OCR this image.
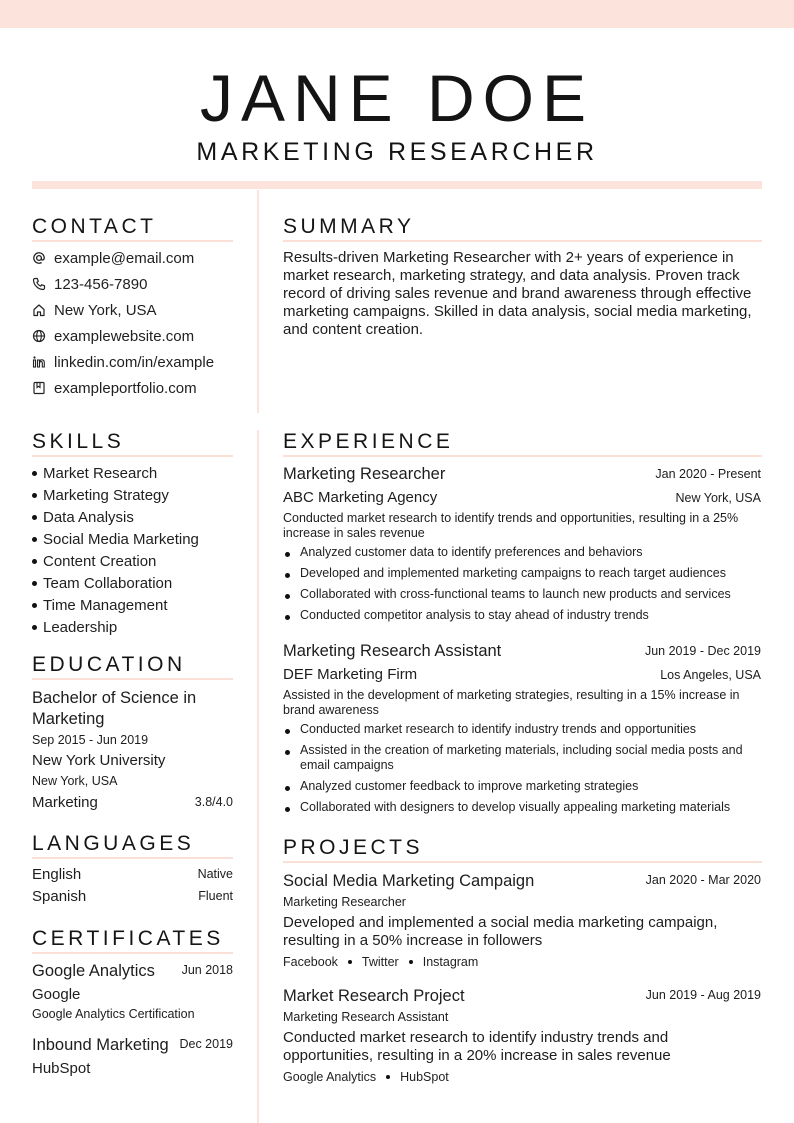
JANE DOE
MARKETING RESEARCHER
CONTACT
example@email.com
123-456-7890
New York, USA
examplewebsite.com
linkedin.com/in/example
exampleportfolio.com
SKILLS
Market Research
Marketing Strategy
Data Analysis
Social Media Marketing
Content Creation
Team Collaboration
Time Management
Leadership
EDUCATION
Bachelor of Science in Marketing
Sep 2015 - Jun 2019
New York University
New York, USA
Marketing	3.8/4.0
LANGUAGES
English	Native
Spanish	Fluent
CERTIFICATES
Google Analytics	Jun 2018
Google
Google Analytics Certification
Inbound Marketing Dec 2019
HubSpot
SUMMARY
Results-driven Marketing Researcher with 2+ years of experience in market research, marketing strategy, and data analysis. Proven track record of driving sales revenue and brand awareness through effective marketing campaigns. Skilled in data analysis, social media marketing, and content creation.
EXPERIENCE
Marketing Researcher	Jan 2020 - Present
ABC Marketing Agency	New York, USA
Conducted market research to identify trends and opportunities, resulting in a 25% increase in sales revenue
Analyzed customer data to identify preferences and behaviors
Developed and implemented marketing campaigns to reach target audiences
Collaborated with cross-functional teams to launch new products and services
Conducted competitor analysis to stay ahead of industry trends
Marketing Research Assistant	Jun 2019 - Dec 2019
DEF Marketing Firm	Los Angeles, USA
Assisted in the development of marketing strategies, resulting in a 15% increase in brand awareness
Conducted market research to identify industry trends and opportunities
Assisted in the creation of marketing materials, including social media posts and email campaigns
Analyzed customer feedback to improve marketing strategies
Collaborated with designers to develop visually appealing marketing materials
PROJECTS
Social Media Marketing Campaign	Jan 2020 - Mar 2020
Marketing Researcher
Developed and implemented a social media marketing campaign, resulting in a 50% increase in followers
Facebook Twitter Instagram
Market Research Project	Jun 2019 - Aug 2019
Marketing Research Assistant
Conducted market research to identify industry trends and opportunities, resulting in a 20% increase in sales revenue
Google Analytics HubSpot
